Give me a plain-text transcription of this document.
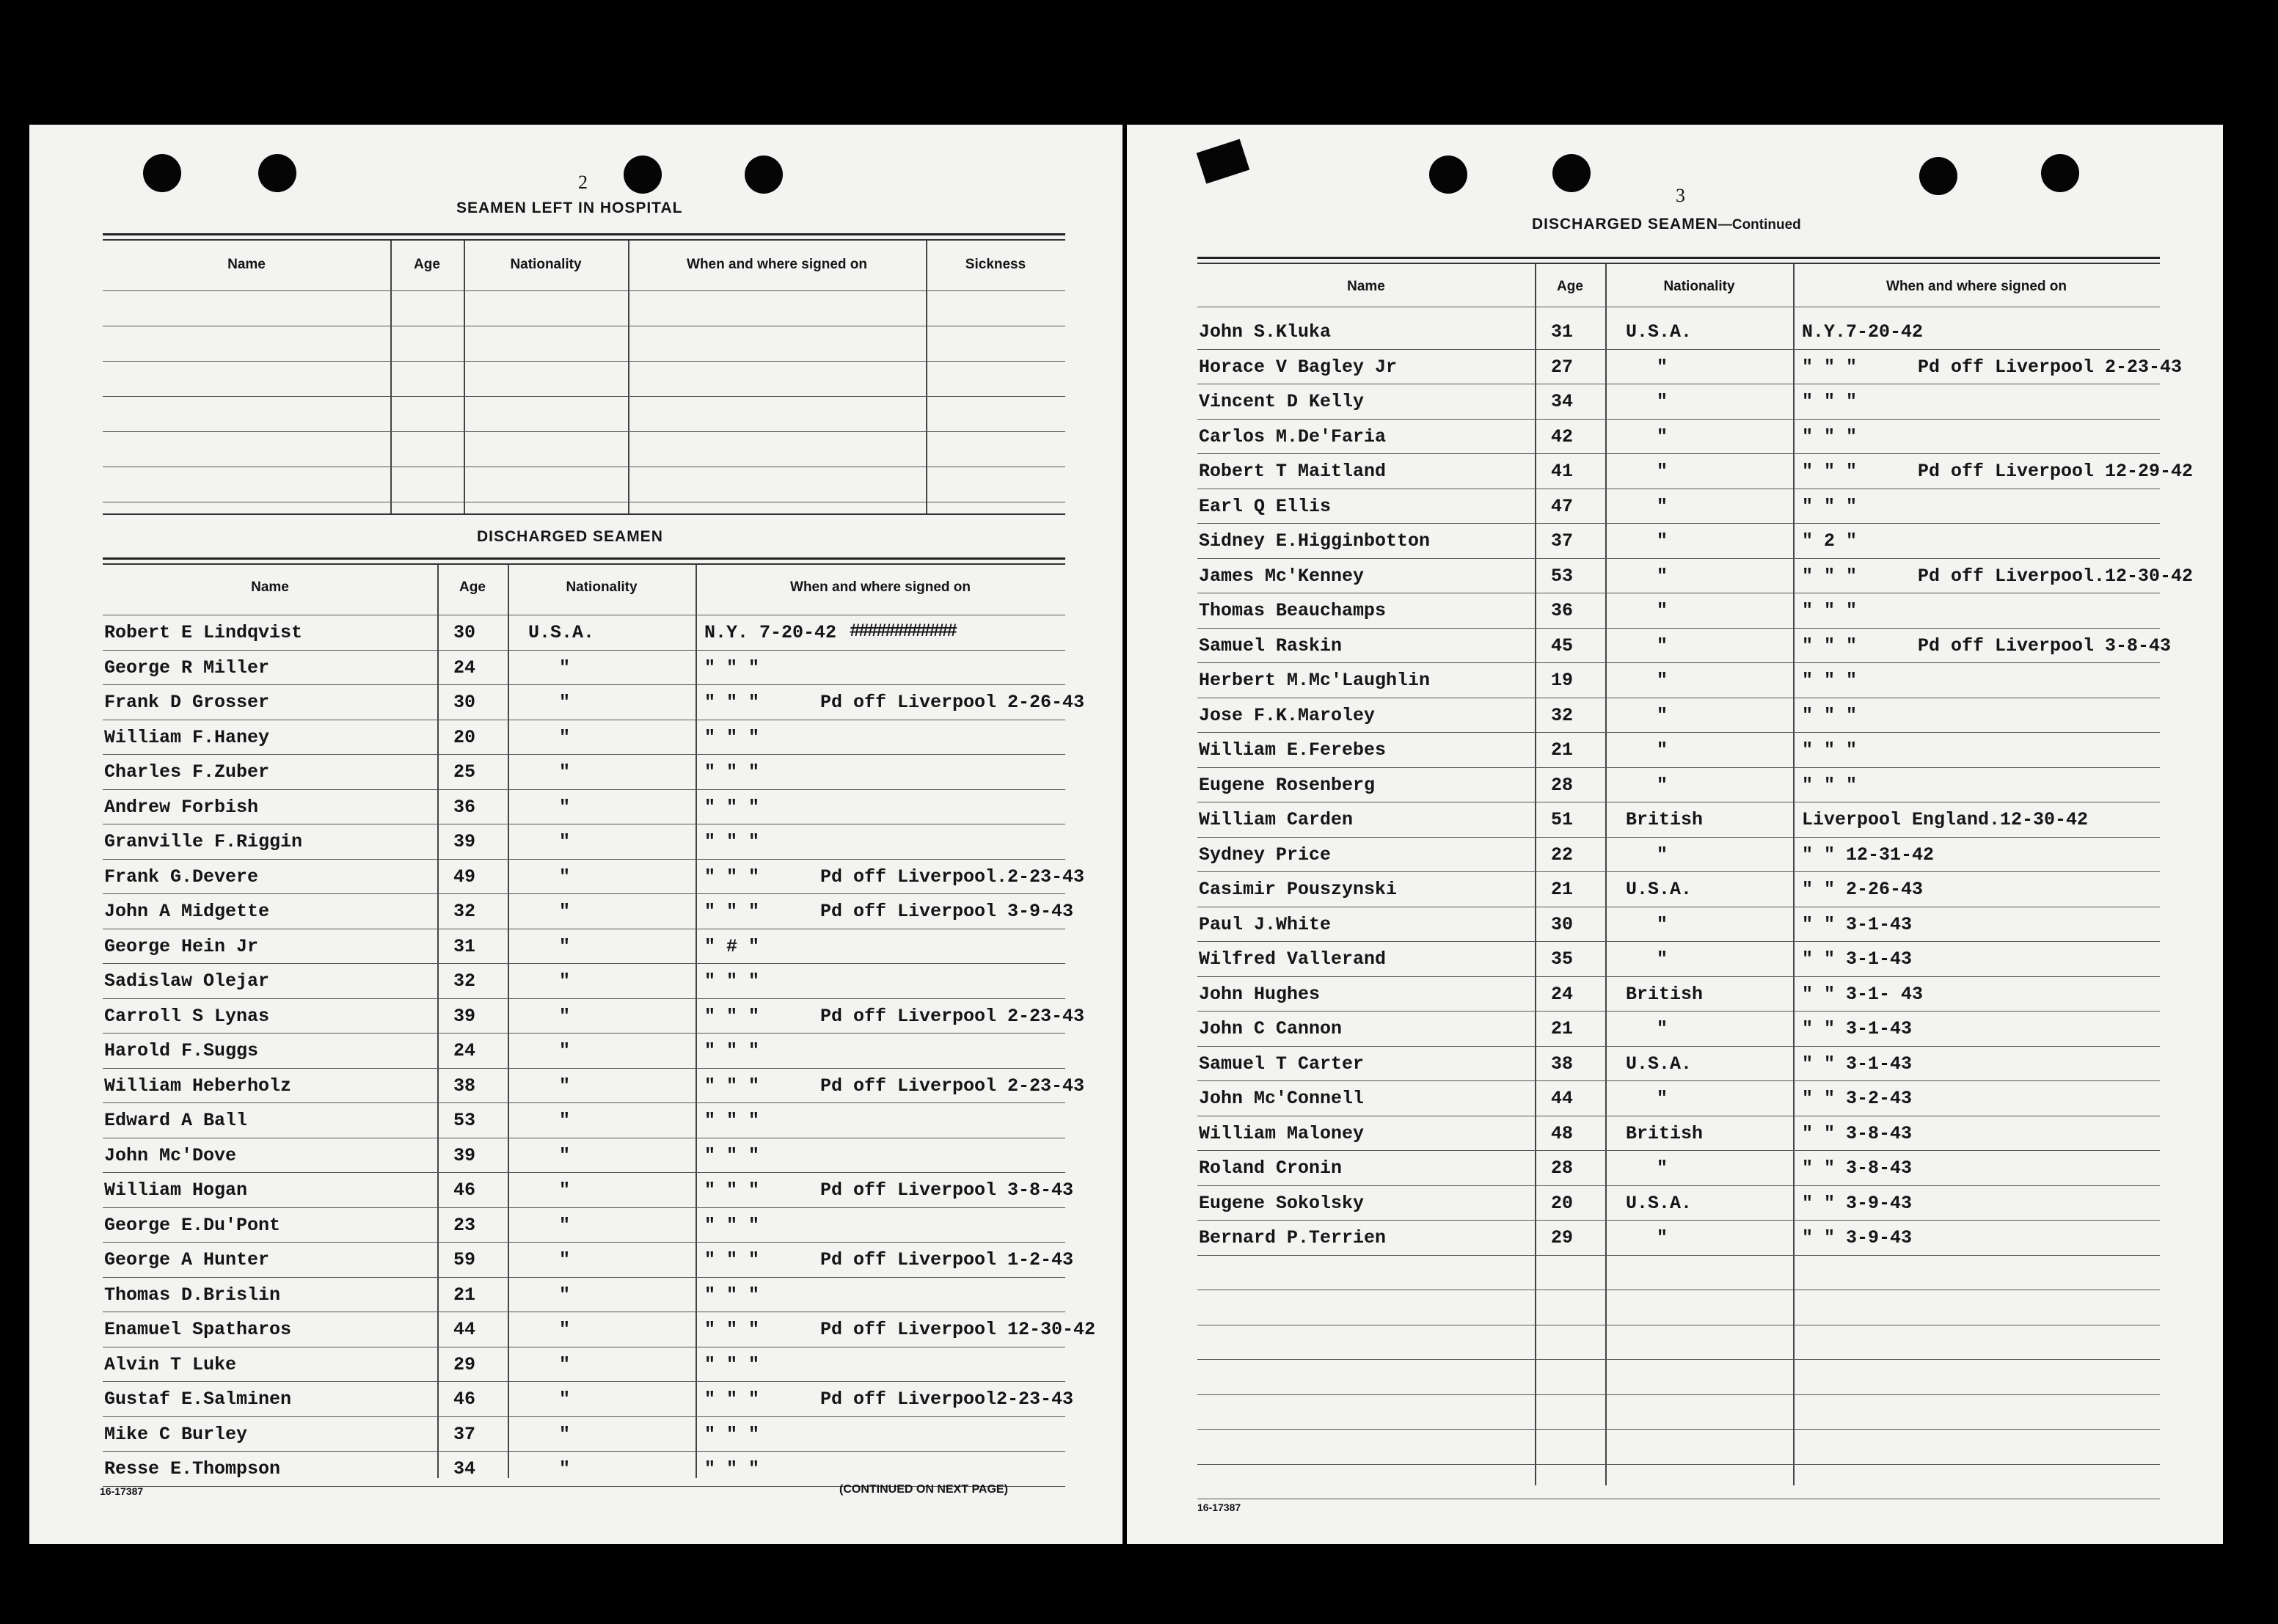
2
SEAMEN LEFT IN HOSPITAL
Name	Age	Nationality	When and where signed on	Sickness
DISCHARGED SEAMEN
Name	Age	Nationality	When and where signed on
Robert E Lindqvist	30	U.S.A.	N.Y. 7-20-42
George R Miller	24	"	" " "
Frank D Grosser	30	"	" " "	Pd off Liverpool 2-26-43
William F.Haney	20	"	" " "
Charles F.Zuber	25	"	" " "
Andrew Forbish	36	"	" " "
Granville F.Riggin	39	"	" " "
Frank G.Devere	49	"	" " "	Pd off Liverpool.2-23-43
John A Midgette	32	"	" " "	Pd off Liverpool 3-9-43
George Hein Jr	31	"	" # "
Sadislaw Olejar	32	"	" " "
Carroll S Lynas	39	"	" " "	Pd off Liverpool 2-23-43
Harold F.Suggs	24	"	" " "
William Heberholz	38	"	" " "	Pd off Liverpool 2-23-43
Edward A Ball	53	"	" " "
John Mc'Dove	39	"	" " "
William Hogan	46	"	" " "	Pd off Liverpool 3-8-43
George E.Du'Pont	23	"	" " "
George A Hunter	59	"	" " "	Pd off Liverpool 1-2-43
Thomas D.Brislin	21	"	" " "
Enamuel Spatharos	44	"	" " "	Pd off Liverpool 12-30-42
Alvin T Luke	29	"	" " "
Gustaf E.Salminen	46	"	" " "	Pd off Liverpool2-23-43
Mike C Burley	37	"	" " "
Resse E.Thompson	34	"	" " "
############
16-17387	(CONTINUED ON NEXT PAGE)
3
DISCHARGED SEAMEN—Continued
Name	Age	Nationality	When and where signed on
John S.Kluka	31	U.S.A.	N.Y.7-20-42
Horace V Bagley Jr	27	"	" " "	Pd off Liverpool 2-23-43
Vincent D Kelly	34	"	" " "
Carlos M.De'Faria	42	"	" " "
Robert T Maitland	41	"	" " "	Pd off Liverpool 12-29-42
Earl Q Ellis	47	"	" " "
Sidney E.Higginbotton	37	"	" 2 "
James Mc'Kenney	53	"	" " "	Pd off Liverpool.12-30-42
Thomas Beauchamps	36	"	" " "
Samuel Raskin	45	"	" " "	Pd off Liverpool 3-8-43
Herbert M.Mc'Laughlin	19	"	" " "
Jose F.K.Maroley	32	"	" " "
William E.Ferebes	21	"	" " "
Eugene Rosenberg	28	"	" " "
William Carden	51	British	Liverpool England.12-30-42
Sydney Price	22	"	" " 12-31-42
Casimir Pouszynski	21	U.S.A.	" " 2-26-43
Paul J.White	30	"	" " 3-1-43
Wilfred Vallerand	35	"	" " 3-1-43
John Hughes	24	British	" " 3-1- 43
John C Cannon	21	"	" " 3-1-43
Samuel T Carter	38	U.S.A.	" " 3-1-43
John Mc'Connell	44	"	" " 3-2-43
William Maloney	48	British	" " 3-8-43
Roland Cronin	28	"	" " 3-8-43
Eugene Sokolsky	20	U.S.A.	" " 3-9-43
Bernard P.Terrien	29	"	" " 3-9-43
16-17387
